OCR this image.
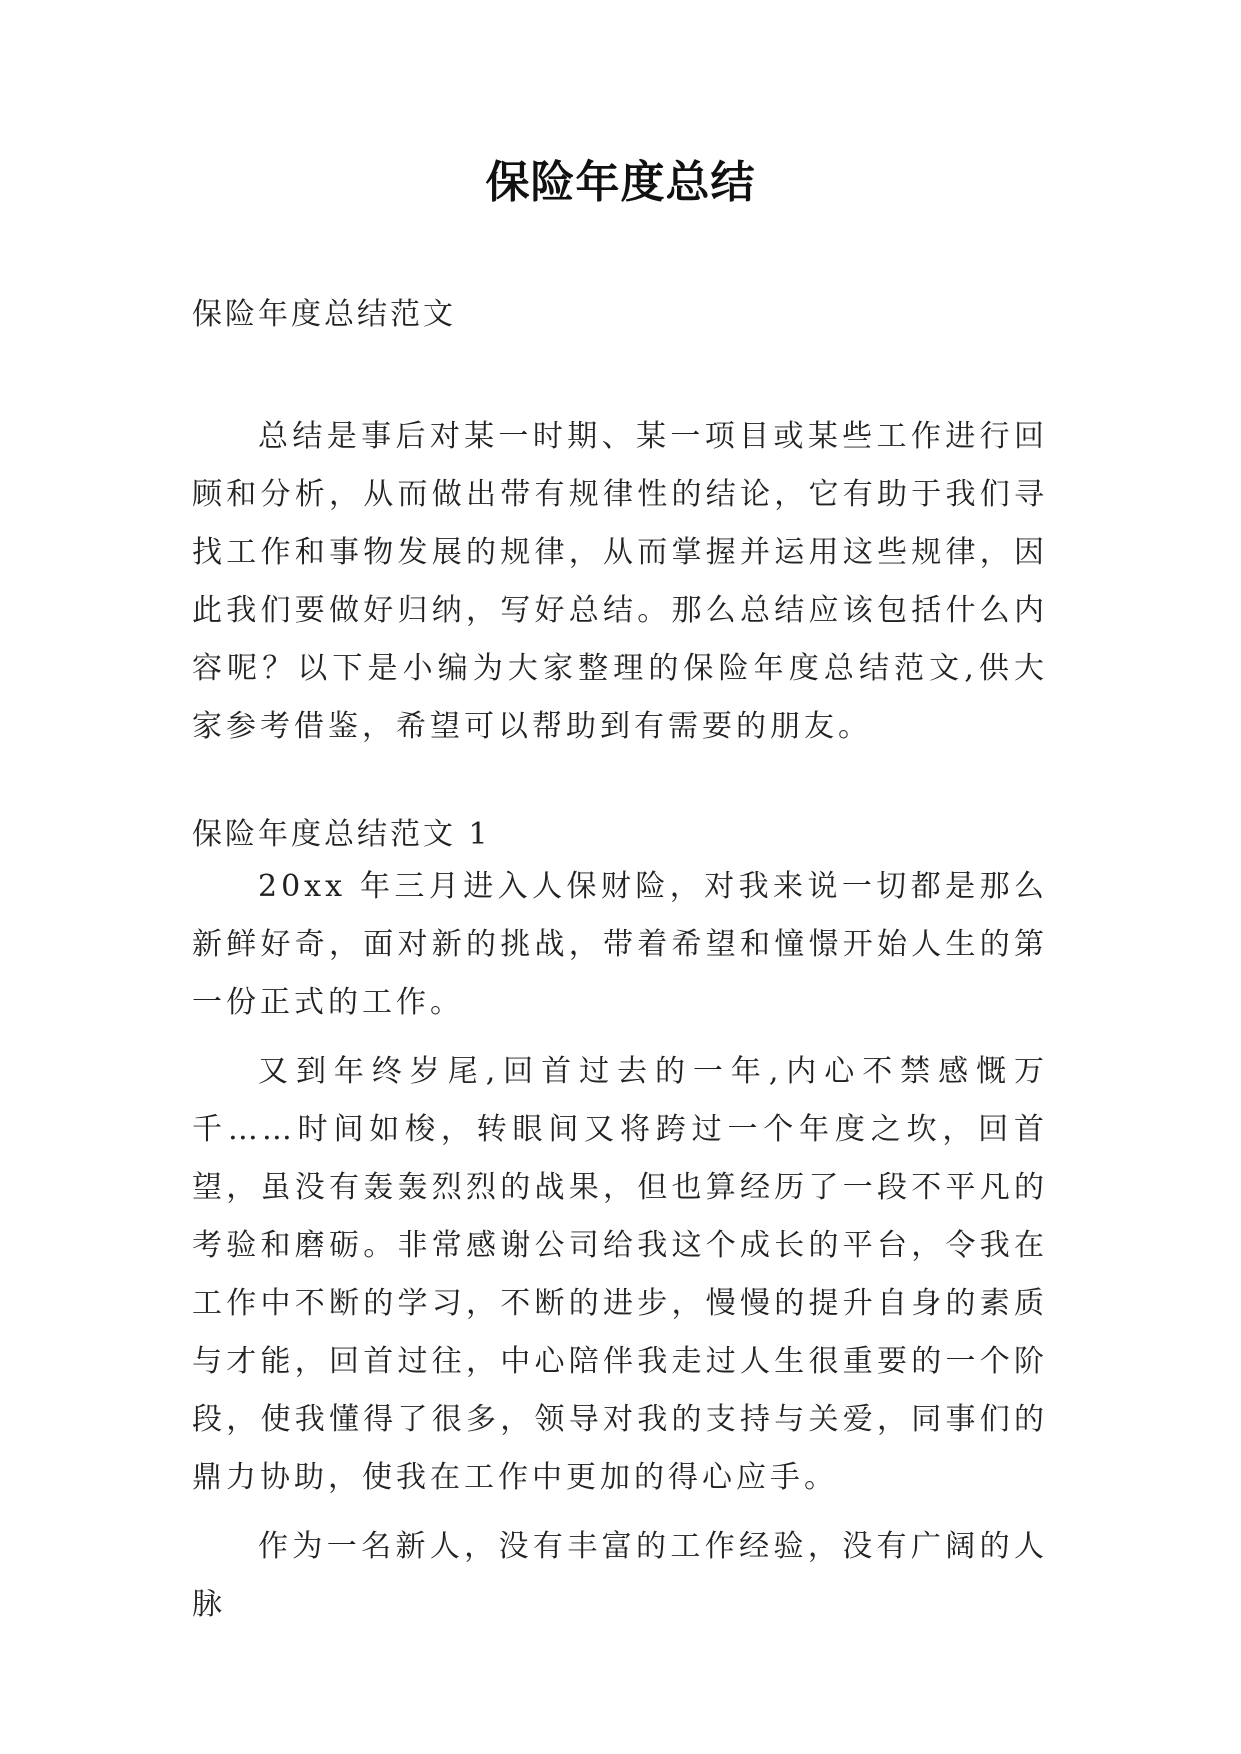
保险年度总结

保险年度总结范文

总结是事后对某一时期、某一项目或某些工作进行回顾和分析，从而做出带有规律性的结论，它有助于我们寻找工作和事物发展的规律，从而掌握并运用这些规律，因此我们要做好归纳，写好总结。那么总结应该包括什么内容呢？以下是小编为大家整理的保险年度总结范文,供大家参考借鉴，希望可以帮助到有需要的朋友。

保险年度总结范文 1

20xx 年三月进入人保财险，对我来说一切都是那么新鲜好奇，面对新的挑战，带着希望和憧憬开始人生的第一份正式的工作。

又到年终岁尾,回首过去的一年,内心不禁感慨万千……时间如梭，转眼间又将跨过一个年度之坎，回首望，虽没有轰轰烈烈的战果，但也算经历了一段不平凡的考验和磨砺。非常感谢公司给我这个成长的平台，令我在工作中不断的学习，不断的进步，慢慢的提升自身的素质与才能，回首过往，中心陪伴我走过人生很重要的一个阶段，使我懂得了很多，领导对我的支持与关爱，同事们的鼎力协助，使我在工作中更加的得心应手。

作为一名新人，没有丰富的工作经验，没有广阔的人脉
